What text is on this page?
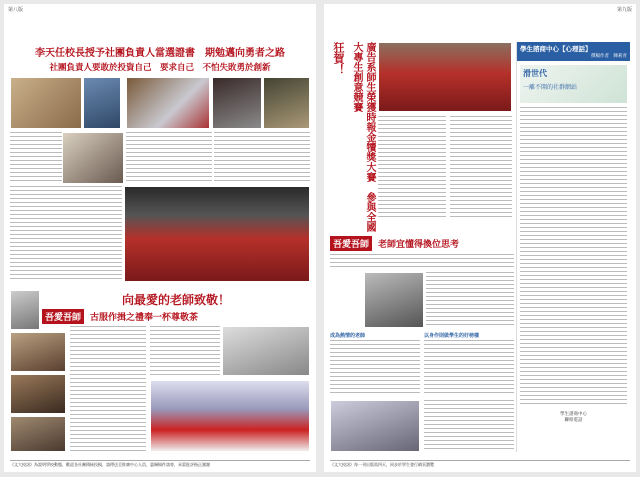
第八版
李天任校長授予社團負責人當選證書　期勉邁向勇者之路
社團負責人要敢於投資自己　要求自己　不怕失敗勇於創新
向最愛的老師致敬！
吾愛吾師	古服作揖之禮奉一杯尊敬茶
《文大校訊》為說明學校動態，歡迎各社團積極投稿，請傳送至推廣中心人員，惠賜稿件請寄，承蒙批評指正謝謝
第九版
狂賀！	廣告系師生榮獲時報金犢獎大賽　參與全國大專生創意競賽	學生諮商中心【心理話】
撰稿作者　陳莉青
滑世代
一離不開的社群網站
學生諮商中心
聯絡電話
吾愛吾師	老師宜懂得換位思考
成為熱情的老師	以身作則做學生的好榜樣
《文大校訊》每一刊出版需四天，同步於學生發行網頁瀏覽
